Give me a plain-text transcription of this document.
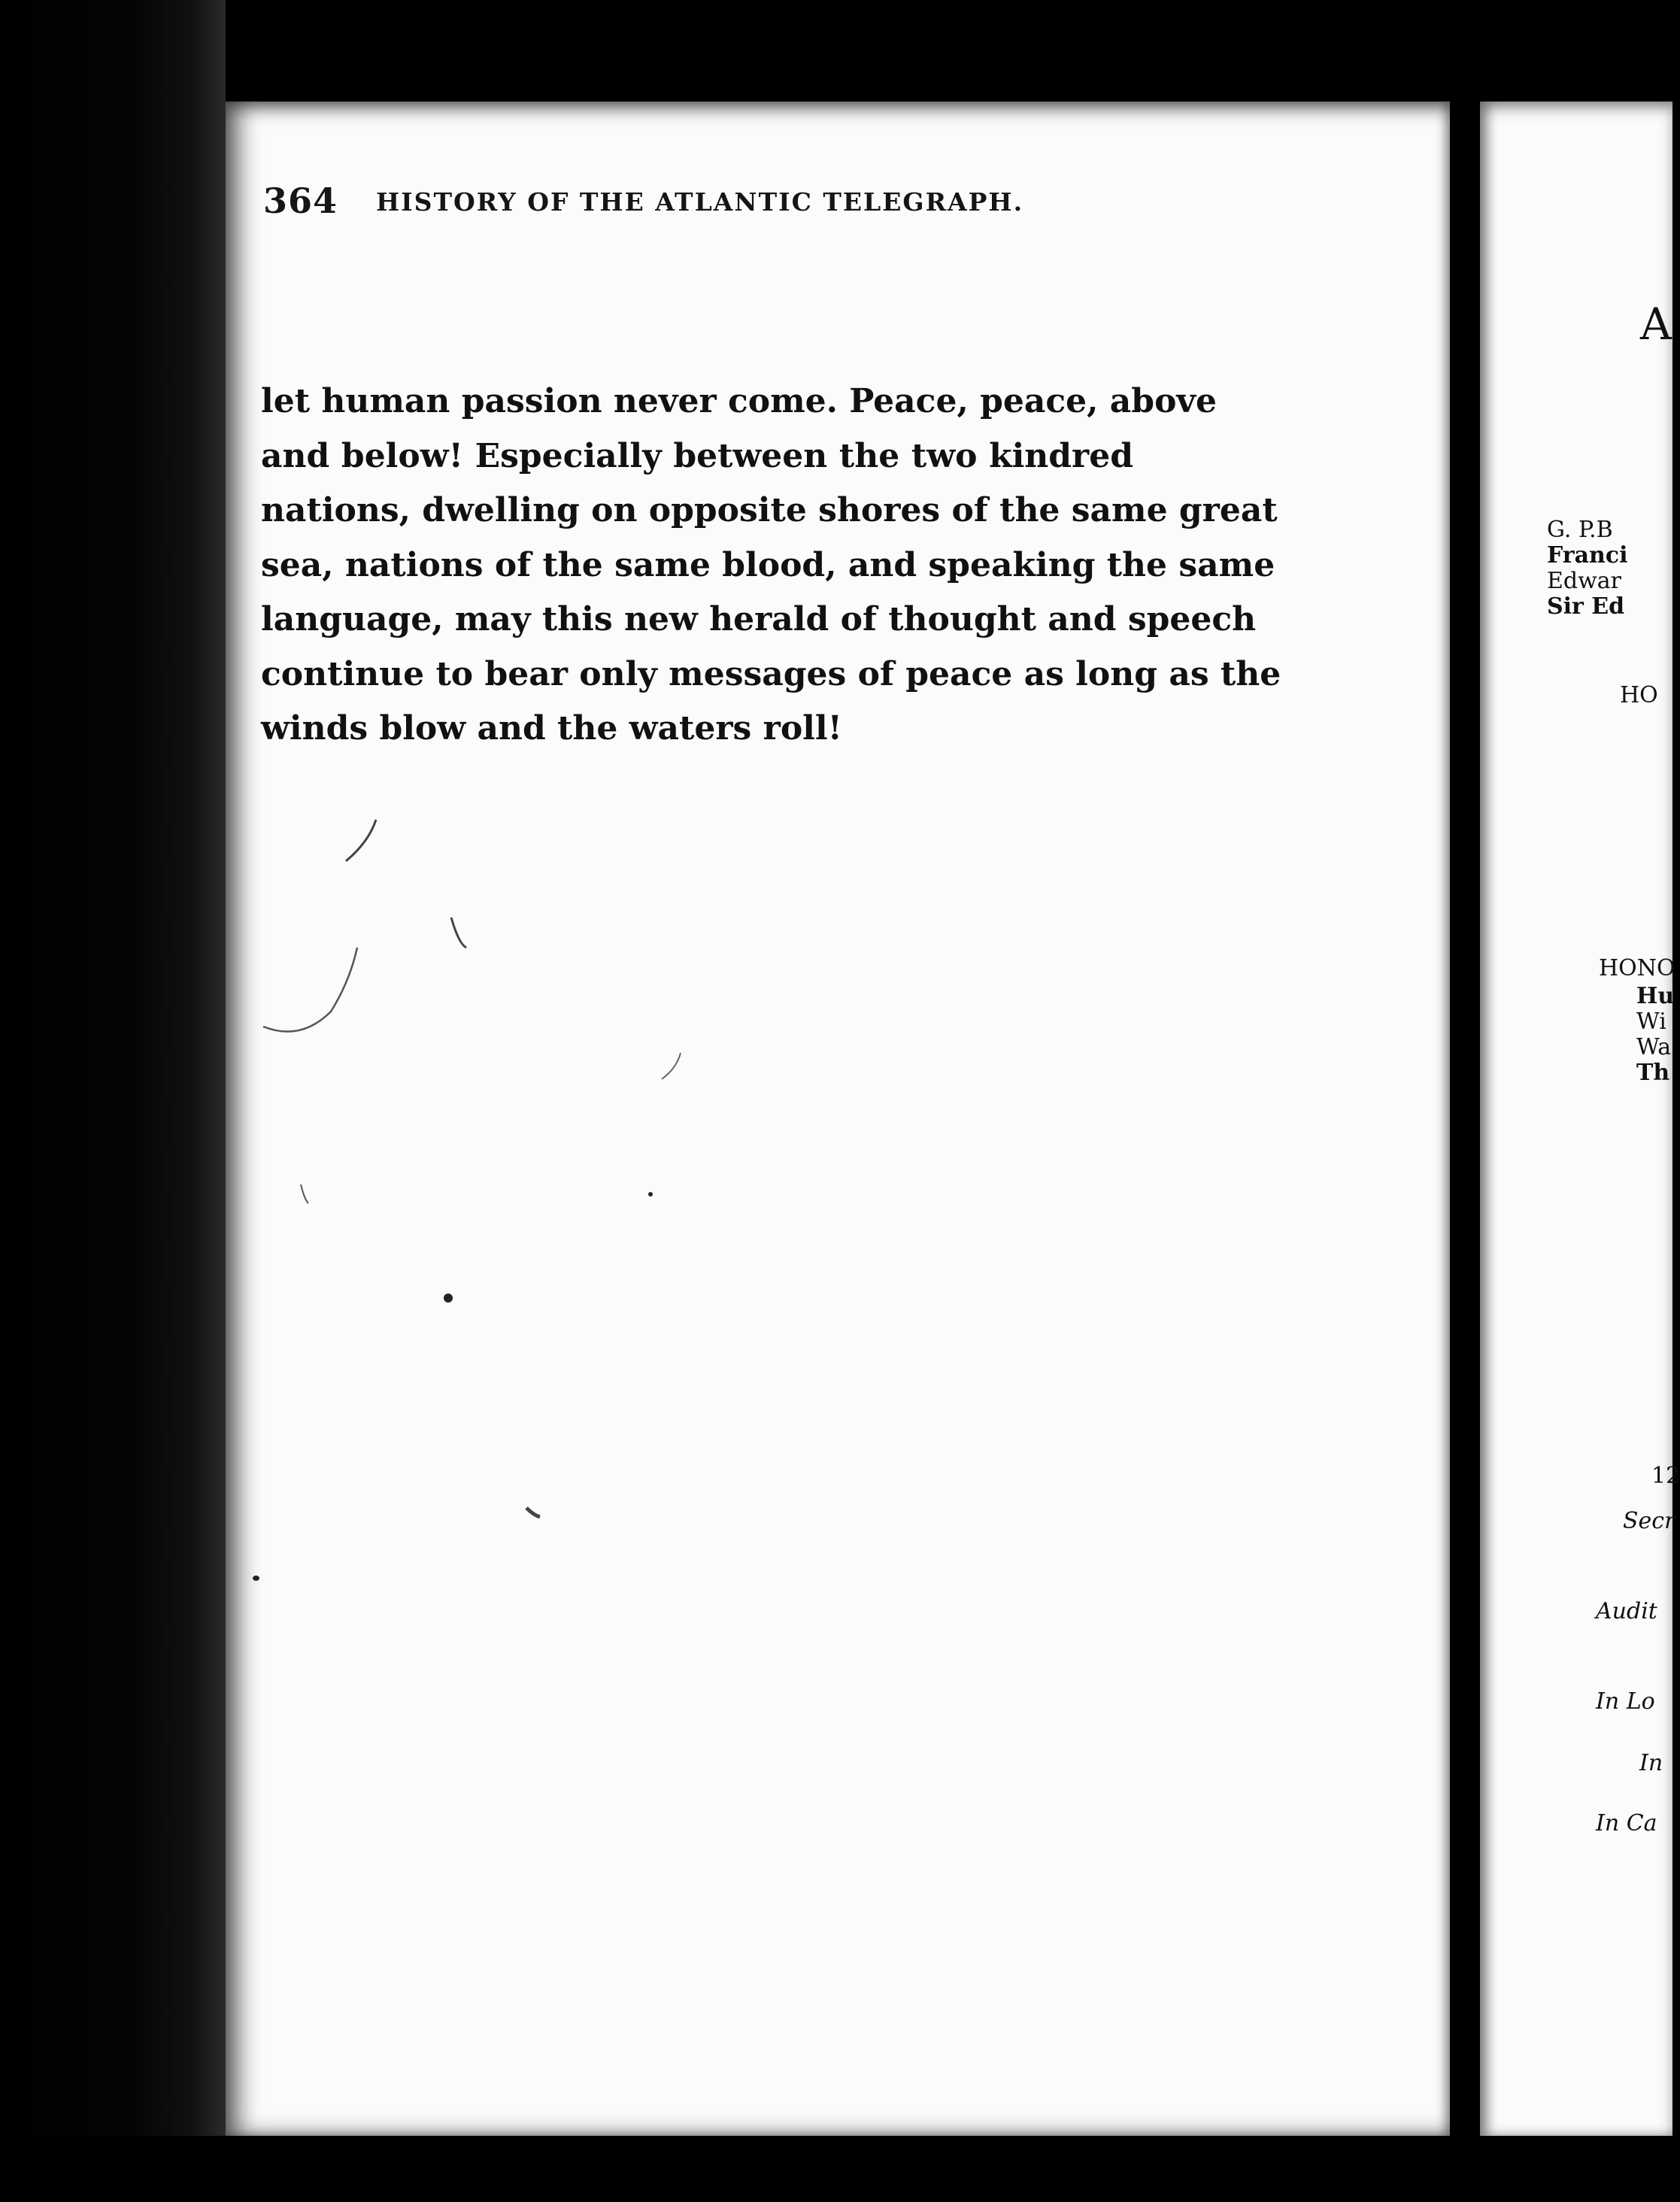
A
G. P.B
Franci
Edwar
Sir Ed
HO
HONO
Hu
Wi
Wa
Th
12
Secr
Audit
In Lo
In
In Ca
364 HISTORY OF THE ATLANTIC TELEGRAPH.

let human passion never come. Peace, peace, above
and below! Especially between the two kindred
nations, dwelling on opposite shores of the same great
sea, nations of the same blood, and speaking the same
language, may this new herald of thought and speech
continue to bear only messages of peace as long as the
winds blow and the waters roll!
